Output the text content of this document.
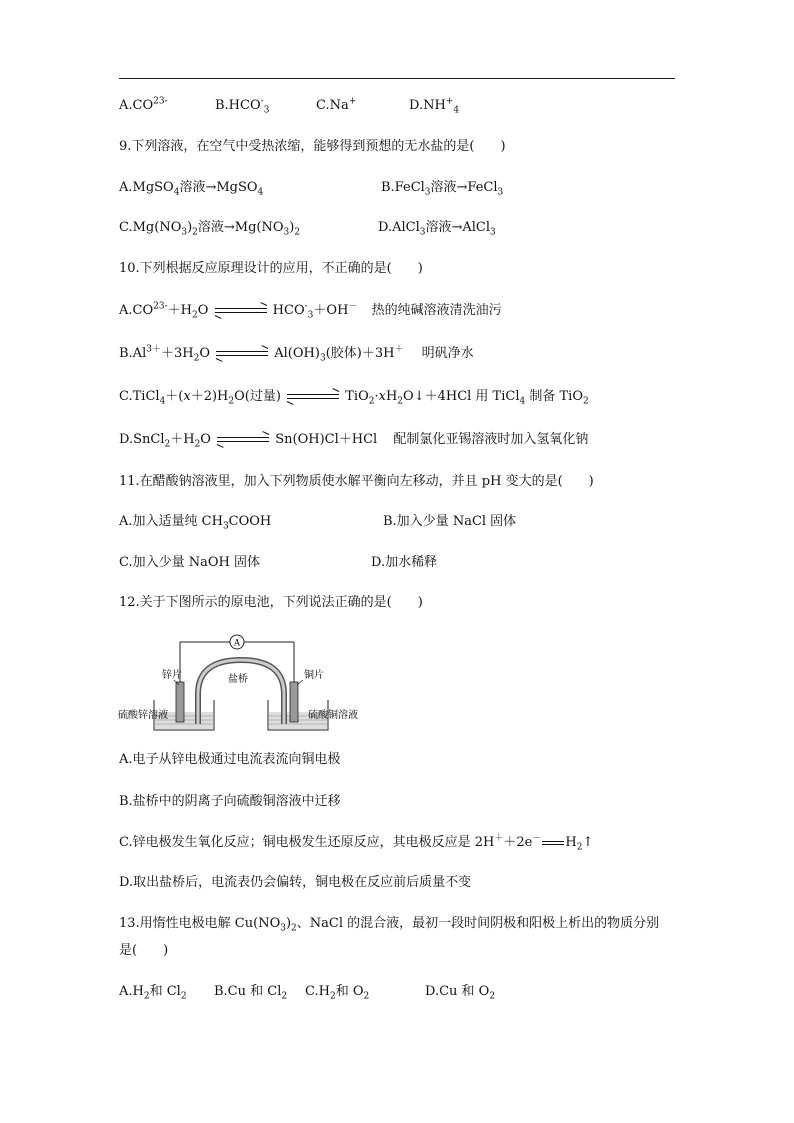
$A.CO^{23-}$	$B.HCO^-_3$	C.Na+	$D.NH^+_4$
9.下列溶液，在空气中受热浓缩，能够得到预想的无水盐的是(　　)
A.MgSO$_4$溶液→MgSO$_4$	B.FeCl$_3$溶液→FeCl$_3$
$C.Mg(NO_3)_2$溶液$\to Mg(NO_3)_2$	D.AlCl$_3$溶液→AlCl$_3$
10.下列根据反应原理设计的应用，不正确的是(　　)
$A.CO^{23-}+H_2O$ ⇌ $HCO^-_3+OH^-$ 热的纯碱溶液清洗油污
$B.Al^{3+}+3H_2O$ ⇌ $Al(OH)_3$(胶体)＋3H＋ 明矾净水
$C.TiCl_4+(x+2)H_2O$(过量) ⇌ $TiO_2\cdot xH_2O↓+4HCl$ 用 TiCl$_4$ 制备 TiO$_2$
$D.SnCl_2+H_2O$ ⇌ Sn(OH)Cl＋HCl 配制氯化亚锡溶液时加入氢氧化钠
11.在醋酸钠溶液里，加入下列物质使水解平衡向左移动，并且 pH 变大的是(　　)
A.加入适量纯 $CH_3COOH$	B.加入少量 NaCl 固体
C.加入少量 NaOH 固体	D.加水稀释
12.关于下图所示的原电池，下列说法正确的是(　　)
A
锌片	盐桥	铜片
硫酸锌溶液	硫酸铜溶液
A.电子从锌电极通过电流表流向铜电极
B.盐桥中的阴离子向硫酸铜溶液中迁移
C.锌电极发生氧化反应；铜电极发生还原反应，其电极反应是 2H＋＋2e－ $H_2↑$
D.取出盐桥后，电流表仍会偏转，铜电极在反应前后质量不变
13.用惰性电极电解 $Cu(NO_3)_2$、NaCl 的混合液，最初一段时间阴极和阳极上析出的物质分别
是(　　)
$A.H_2$和 $Cl_2$ B.Cu 和 $Cl_2$ $C.H_2$和 $O_2$	D.Cu 和 $O_2$
